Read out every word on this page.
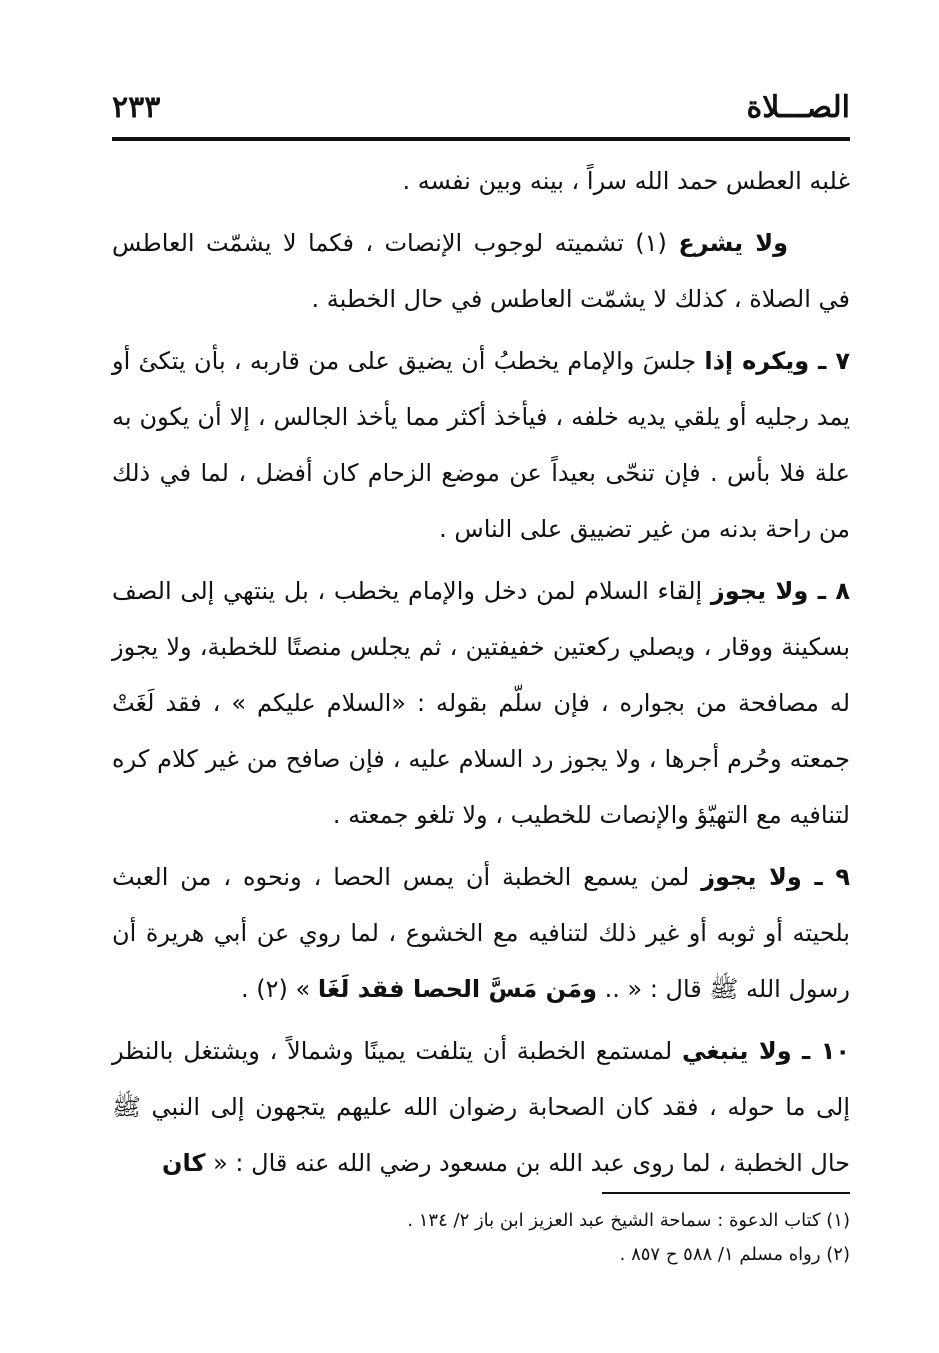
الصـــلاة
٢٣٣

غلبه العطس حمد الله سراً ، بينه وبين نفسه .

ولا يشرع (١) تشميته لوجوب الإنصات ، فكما لا يشمّت العاطس في الصلاة ، كذلك لا يشمّت العاطس في حال الخطبة .

٧ ـ ويكره إذا جلسَ والإمام يخطبُ أن يضيق على من قاربه ، بأن يتكئ أو يمد رجليه أو يلقي يديه خلفه ، فيأخذ أكثر مما يأخذ الجالس ، إلا أن يكون به علة فلا بأس . فإن تنحّى بعيداً عن موضع الزحام كان أفضل ، لما في ذلك من راحة بدنه من غير تضييق على الناس .

٨ ـ ولا يجوز إلقاء السلام لمن دخل والإمام يخطب ، بل ينتهي إلى الصف بسكينة ووقار ، ويصلي ركعتين خفيفتين ، ثم يجلس منصتًا للخطبة، ولا يجوز له مصافحة من بجواره ، فإن سلّم بقوله : «السلام عليكم » ، فقد لَغَتْ جمعته وحُرم أجرها ، ولا يجوز رد السلام عليه ، فإن صافح من غير كلام كره لتنافيه مع التهيّؤ والإنصات للخطيب ، ولا تلغو جمعته .

٩ ـ ولا يجوز لمن يسمع الخطبة أن يمس الحصا ، ونحوه ، من العبث بلحيته أو ثوبه أو غير ذلك لتنافيه مع الخشوع ، لما روي عن أبي هريرة أن رسول الله ﷺ قال : « .. ومَن مَسَّ الحصا فقد لَغَا » (٢) .

١٠ ـ ولا ينبغي لمستمع الخطبة أن يتلفت يمينًا وشمالاً ، ويشتغل بالنظر إلى ما حوله ، فقد كان الصحابة رضوان الله عليهم يتجهون إلى النبي ﷺ حال الخطبة ، لما روى عبد الله بن مسعود رضي الله عنه قال : « كان

(١) كتاب الدعوة : سماحة الشيخ عبد العزيز ابن باز ٢/ ١٣٤ .
(٢) رواه مسلم ١/ ٥٨٨ ح ٨٥٧ .
